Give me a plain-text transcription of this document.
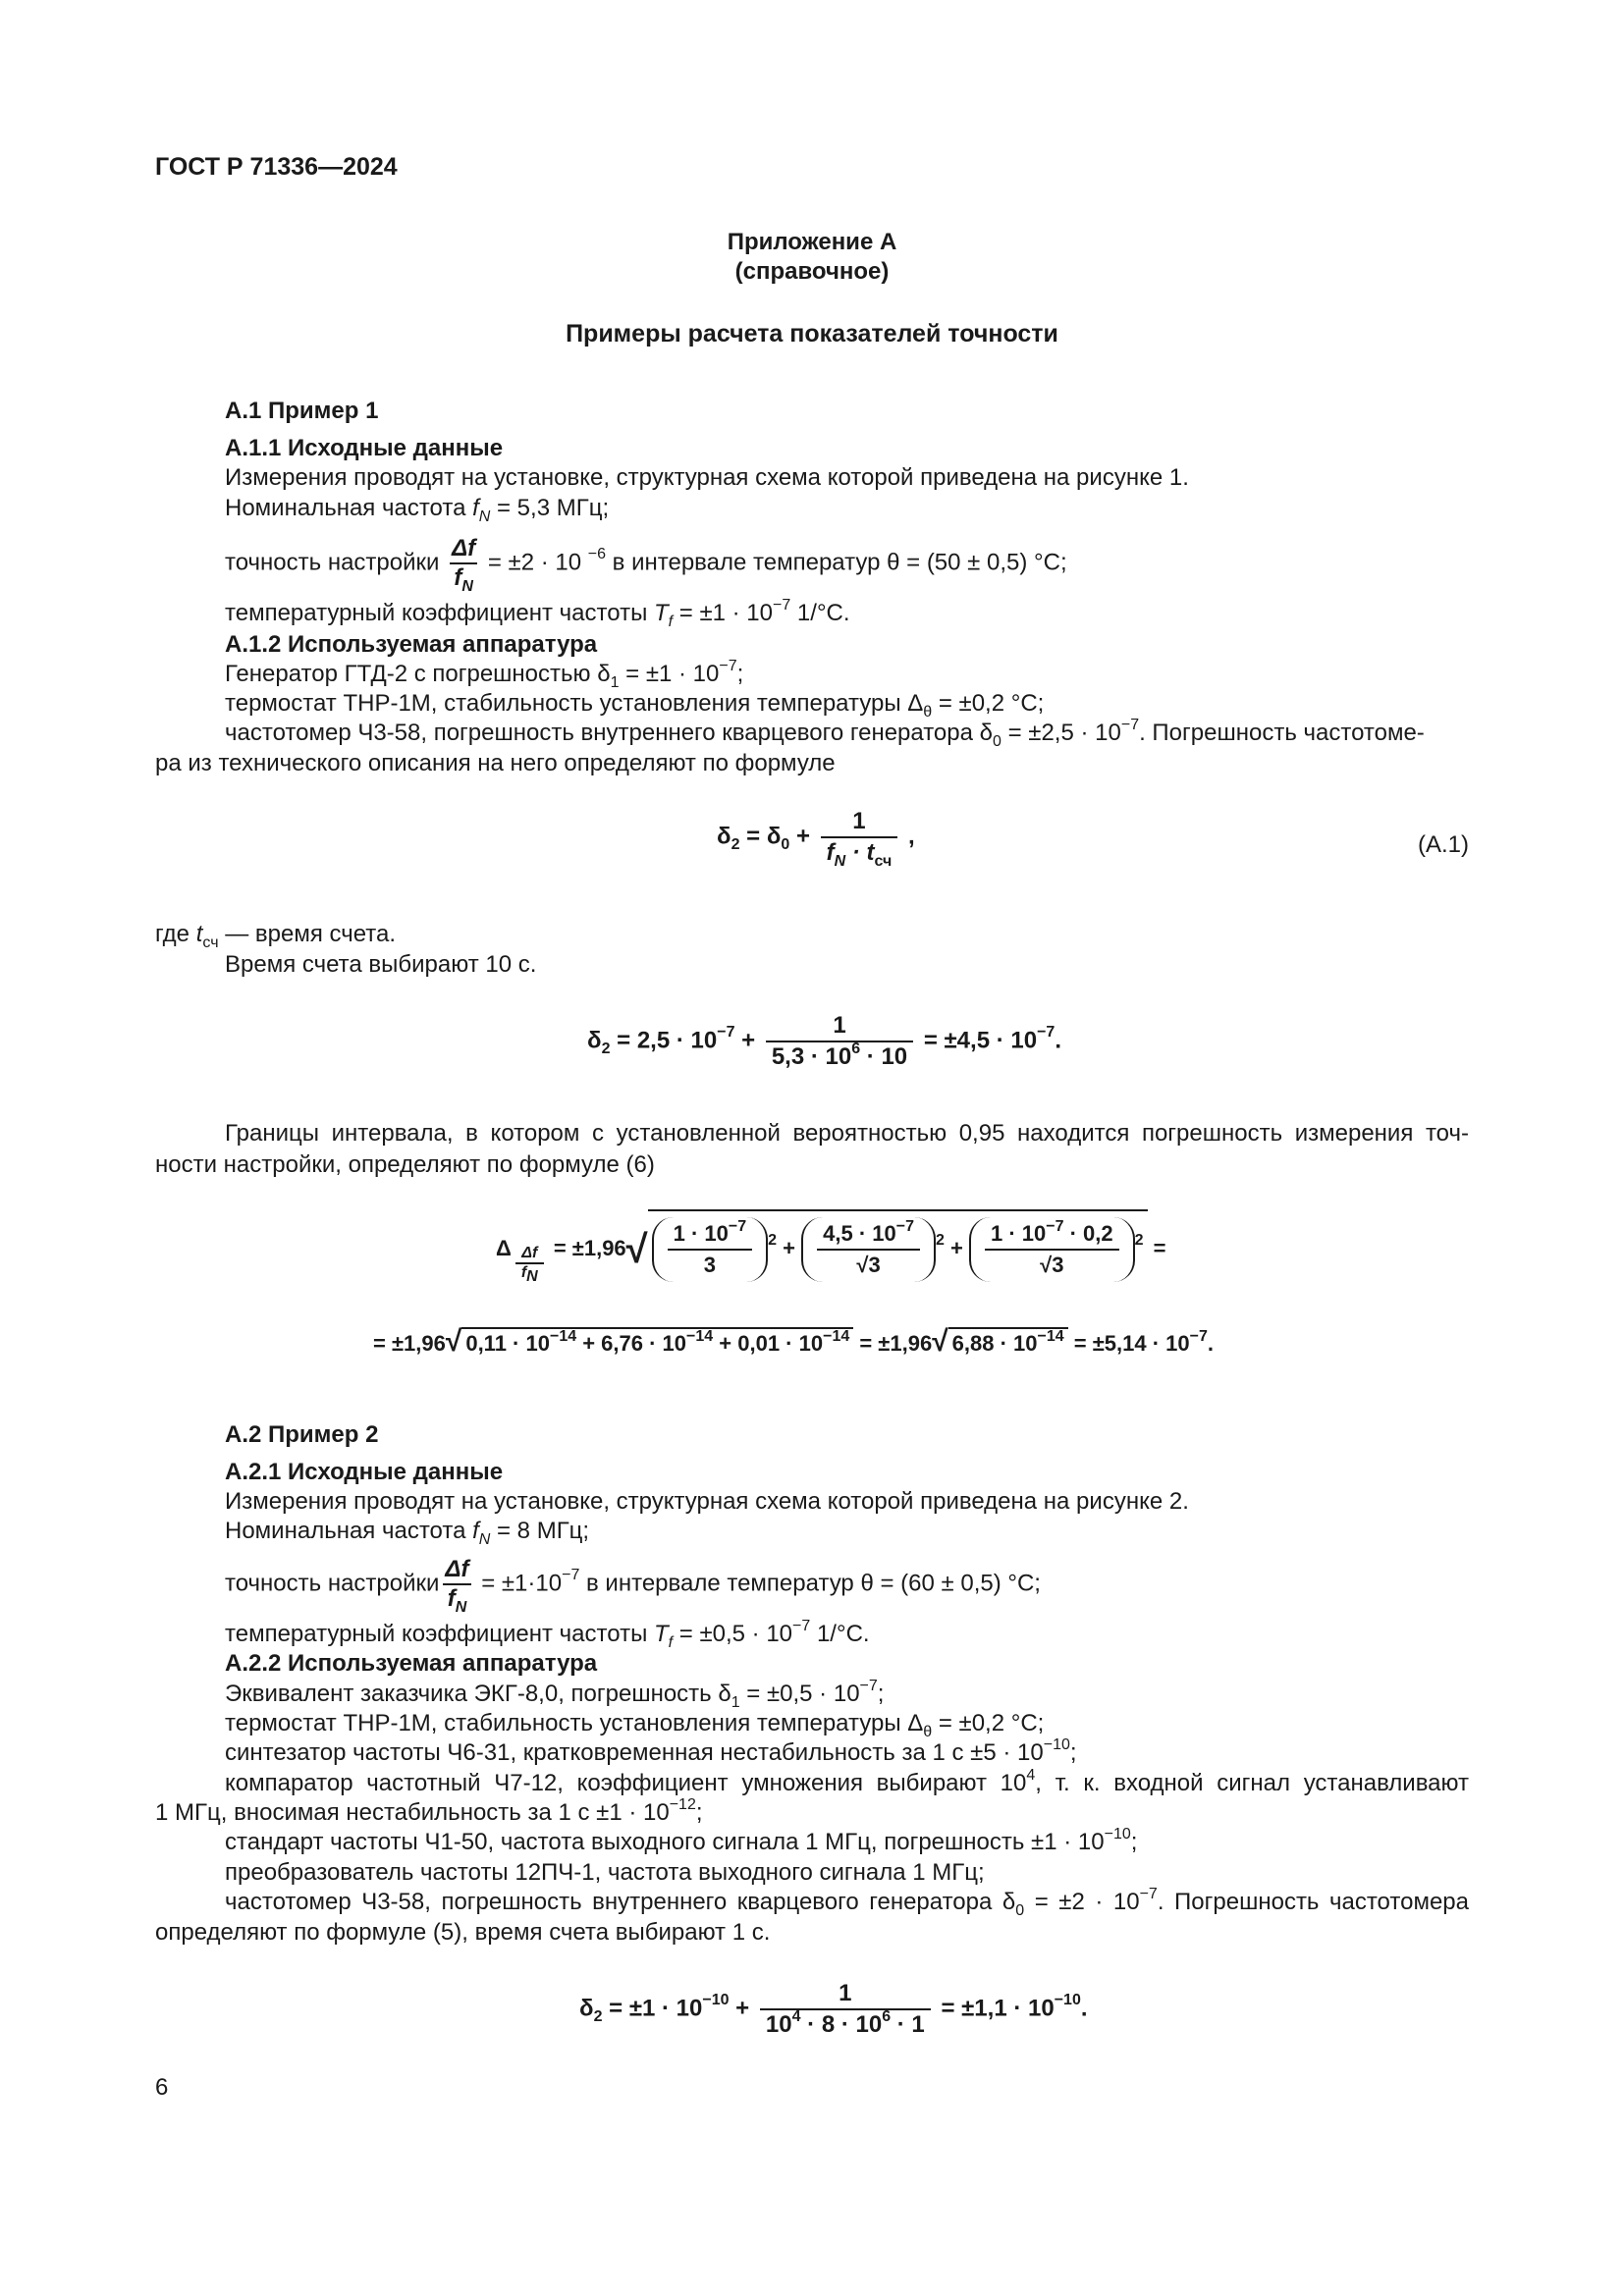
ГОСТ Р 71336—2024
Приложение А
(справочное)
Примеры расчета показателей точности
А.1 Пример 1
А.1.1 Исходные данные
Измерения проводят на установке, структурная схема которой приведена на рисунке 1.
Номинальная частота $f_N = 5,3$ МГц;
точность настройки $\frac{\Delta f}{f_N} = \pm 2 \cdot 10$ $^{-6}$ в интервале температур θ = (50 ± 0,5) °С;
температурный коэффициент частоты $T_f = \pm 1 \cdot 10^{-7}$ 1/°С.
А.1.2 Используемая аппаратура
Генератор ГТД-2 с погрешностью $\delta_1 = \pm 1 \cdot 10^{-7}$;
термостат ТНР-1М, стабильность установления температуры $\Delta_\theta = \pm 0,2$ °С;
частотомер Ч3-58, погрешность внутреннего кварцевого генератора $\delta_0 = \pm 2,5 \cdot 10^{-7}$. Погрешность частотоме-
ра из технического описания на него определяют по формуле
$\delta_2 = \delta_0 + \frac{1}{f_N \cdot t_{сч}}$ ,	(А.1)
где $t_{сч}$ — время счета.
Время счета выбирают 10 с.
$\delta_2 = 2,5 \cdot 10^{-7} + \frac{1}{5,3 \cdot 10^6 \cdot 10} = \pm 4,5 \cdot 10^{-7}$.
Границы интервала, в котором с установленной вероятностью 0,95 находится погрешность измерения точ-
ности настройки, определяют по формуле (6)
Δ $\frac{\Delta f}{f_N} = \pm 1,96√ \frac{1 \cdot 10^{-7}}{3} ^2 + \frac{4,5 \cdot 10^{-7}}{√3} ^2 + \frac{1 \cdot 10^{-7} \cdot 0,2}{√3} ^2$ =
= ±1,96√ $0,11 \cdot 10^{-14} + 6,76 \cdot 10^{-14} + 0,01 \cdot 10^{-14} = \pm 1,96√$ $6,88 \cdot 10^{-14} = \pm 5,14 \cdot 10^{-7}$.
А.2 Пример 2
А.2.1 Исходные данные
Измерения проводят на установке, структурная схема которой приведена на рисунке 2.
Номинальная частота $f_N = 8$ МГц;
точность настройки $\frac{\Delta f}{f_N} = \pm 1\cdot 10^{-7}$ в интервале температур θ = (60 ± 0,5) °С;
температурный коэффициент частоты $T_f = \pm 0,5 \cdot 10^{-7}$ 1/°С.
А.2.2 Используемая аппаратура
Эквивалент заказчика ЭКГ-8,0, погрешность $\delta_1 = \pm 0,5 \cdot 10^{-7}$;
термостат ТНР-1М, стабильность установления температуры $\Delta_\theta = \pm 0,2$ °С;
синтезатор частоты Ч6-31, кратковременная нестабильность за 1 $с \pm 5 \cdot 10^{-10}$;
компаратор частотный Ч7-12, коэффициент умножения выбирают $10^4$, т. к. входной сигнал устанавливают
1 МГц, вносимая нестабильность за 1 $с \pm 1 \cdot 10^{-12}$;
стандарт частоты Ч1-50, частота выходного сигнала 1 МГц, погрешность $\pm 1 \cdot 10^{-10}$;
преобразователь частоты 12ПЧ-1, частота выходного сигнала 1 МГц;
частотомер Ч3-58, погрешность внутреннего кварцевого генератора $\delta_0 = \pm 2 \cdot 10^{-7}$. Погрешность частотомера
определяют по формуле (5), время счета выбирают 1 с.
$\delta_2 = \pm 1 \cdot 10^{-10} + \frac{1}{10^4 \cdot 8 \cdot 10^6 \cdot 1} = \pm 1,1 \cdot 10^{-10}$.
6
